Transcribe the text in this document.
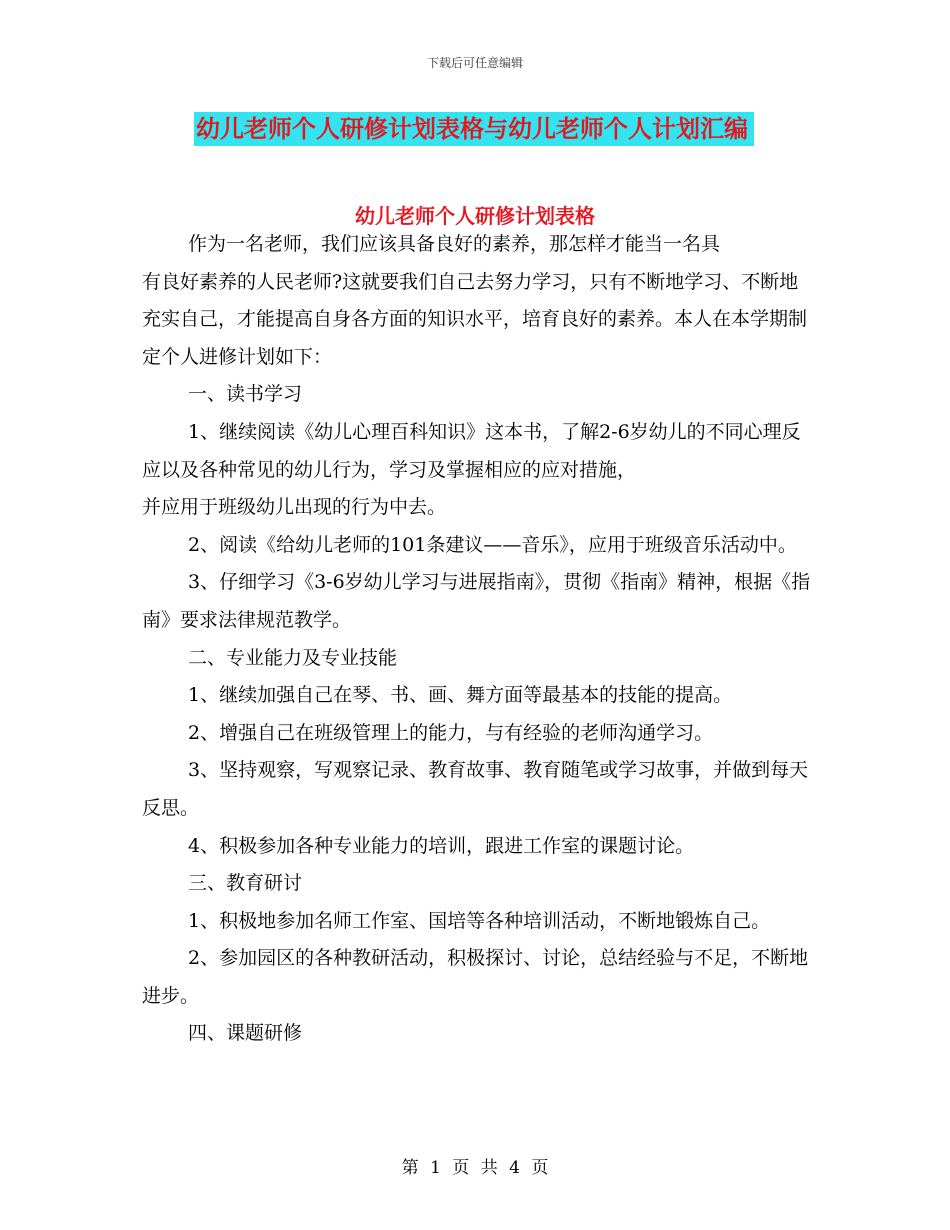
下载后可任意编辑
幼儿老师个人研修计划表格与幼儿老师个人计划汇编
幼儿老师个人研修计划表格

作为一名老师，我们应该具备良好的素养，那怎样才能当一名具
有良好素养的人民老师?这就要我们自己去努力学习，只有不断地学习、不断地充实自己，才能提高自身各方面的知识水平，培育良好的素养。本人在本学期制定个人进修计划如下：

一、读书学习

1、继续阅读《幼儿心理百科知识》这本书，了解2-6岁幼儿的不同心理反应以及各种常见的幼儿行为，学习及掌握相应的应对措施，
并应用于班级幼儿出现的行为中去。

2、阅读《给幼儿老师的101条建议——音乐》，应用于班级音乐活动中。

3、仔细学习《3-6岁幼儿学习与进展指南》，贯彻《指南》精神，根据《指南》要求法律规范教学。

二、专业能力及专业技能

1、继续加强自己在琴、书、画、舞方面等最基本的技能的提高。

2、增强自己在班级管理上的能力，与有经验的老师沟通学习。

3、坚持观察，写观察记录、教育故事、教育随笔或学习故事，并做到每天反思。

4、积极参加各种专业能力的培训，跟进工作室的课题讨论。

三、教育研讨

1、积极地参加名师工作室、国培等各种培训活动，不断地锻炼自己。

2、参加园区的各种教研活动，积极探讨、讨论，总结经验与不足，不断地进步。

四、课题研修

第 1 页 共 4 页
